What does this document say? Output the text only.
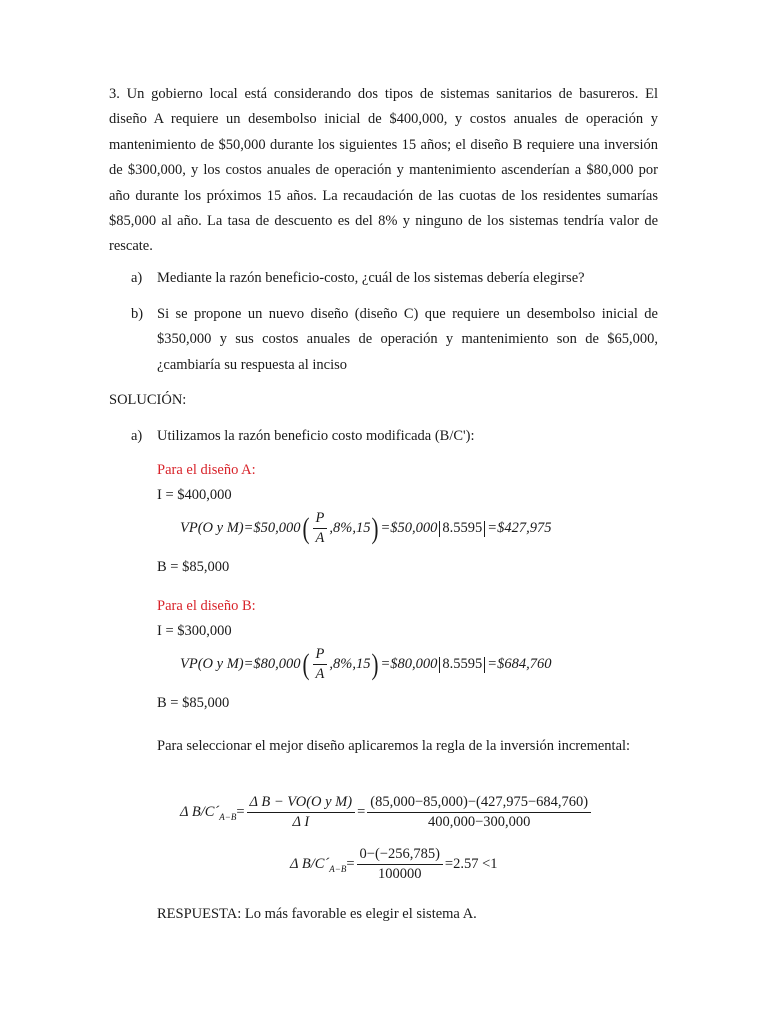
3. Un gobierno local está considerando dos tipos de sistemas sanitarios de basureros. El diseño A requiere un desembolso inicial de $400,000, y costos anuales de operación y mantenimiento de $50,000 durante los siguientes 15 años; el diseño B requiere una inversión de $300,000, y los costos anuales de operación y mantenimiento ascenderían a $80,000 por año durante los próximos 15 años. La recaudación de las cuotas de los residentes sumarías $85,000 al año. La tasa de descuento es del 8% y ninguno de los sistemas tendría valor de rescate.
a) Mediante la razón beneficio-costo, ¿cuál de los sistemas debería elegirse?
b) Si se propone un nuevo diseño (diseño C) que requiere un desembolso inicial de $350,000 y sus costos anuales de operación y mantenimiento son de $65,000, ¿cambiaría su respuesta al inciso
SOLUCIÓN:
a) Utilizamos la razón beneficio costo modificada (B/C'):
Para el diseño A:
I = $400,000
VP(O y M)=$50,000( $\frac{P}{A} ,8\%,15$) =$50,000 8.5595 =$427,975
B = $85,000
Para el diseño B:
I = $300,000
VP(O y M)=$80,000( $\frac{P}{A} ,8\%,15$) =$80,000 8.5595 =$684,760
B = $85,000
Para seleccionar el mejor diseño aplicaremos la regla de la inversión incremental:
Δ $B/C´_{A-B}= \frac{\text{Δ B − VO(O y M)}}{\text{Δ I}} = \frac{(85,000-85,000)-(427,975-684,760)}{400,000-300,000}$
Δ $B/C´_{A-B}= \frac{0-(-256,785)}{100000} =2.57 <1$
RESPUESTA: Lo más favorable es elegir el sistema A.
